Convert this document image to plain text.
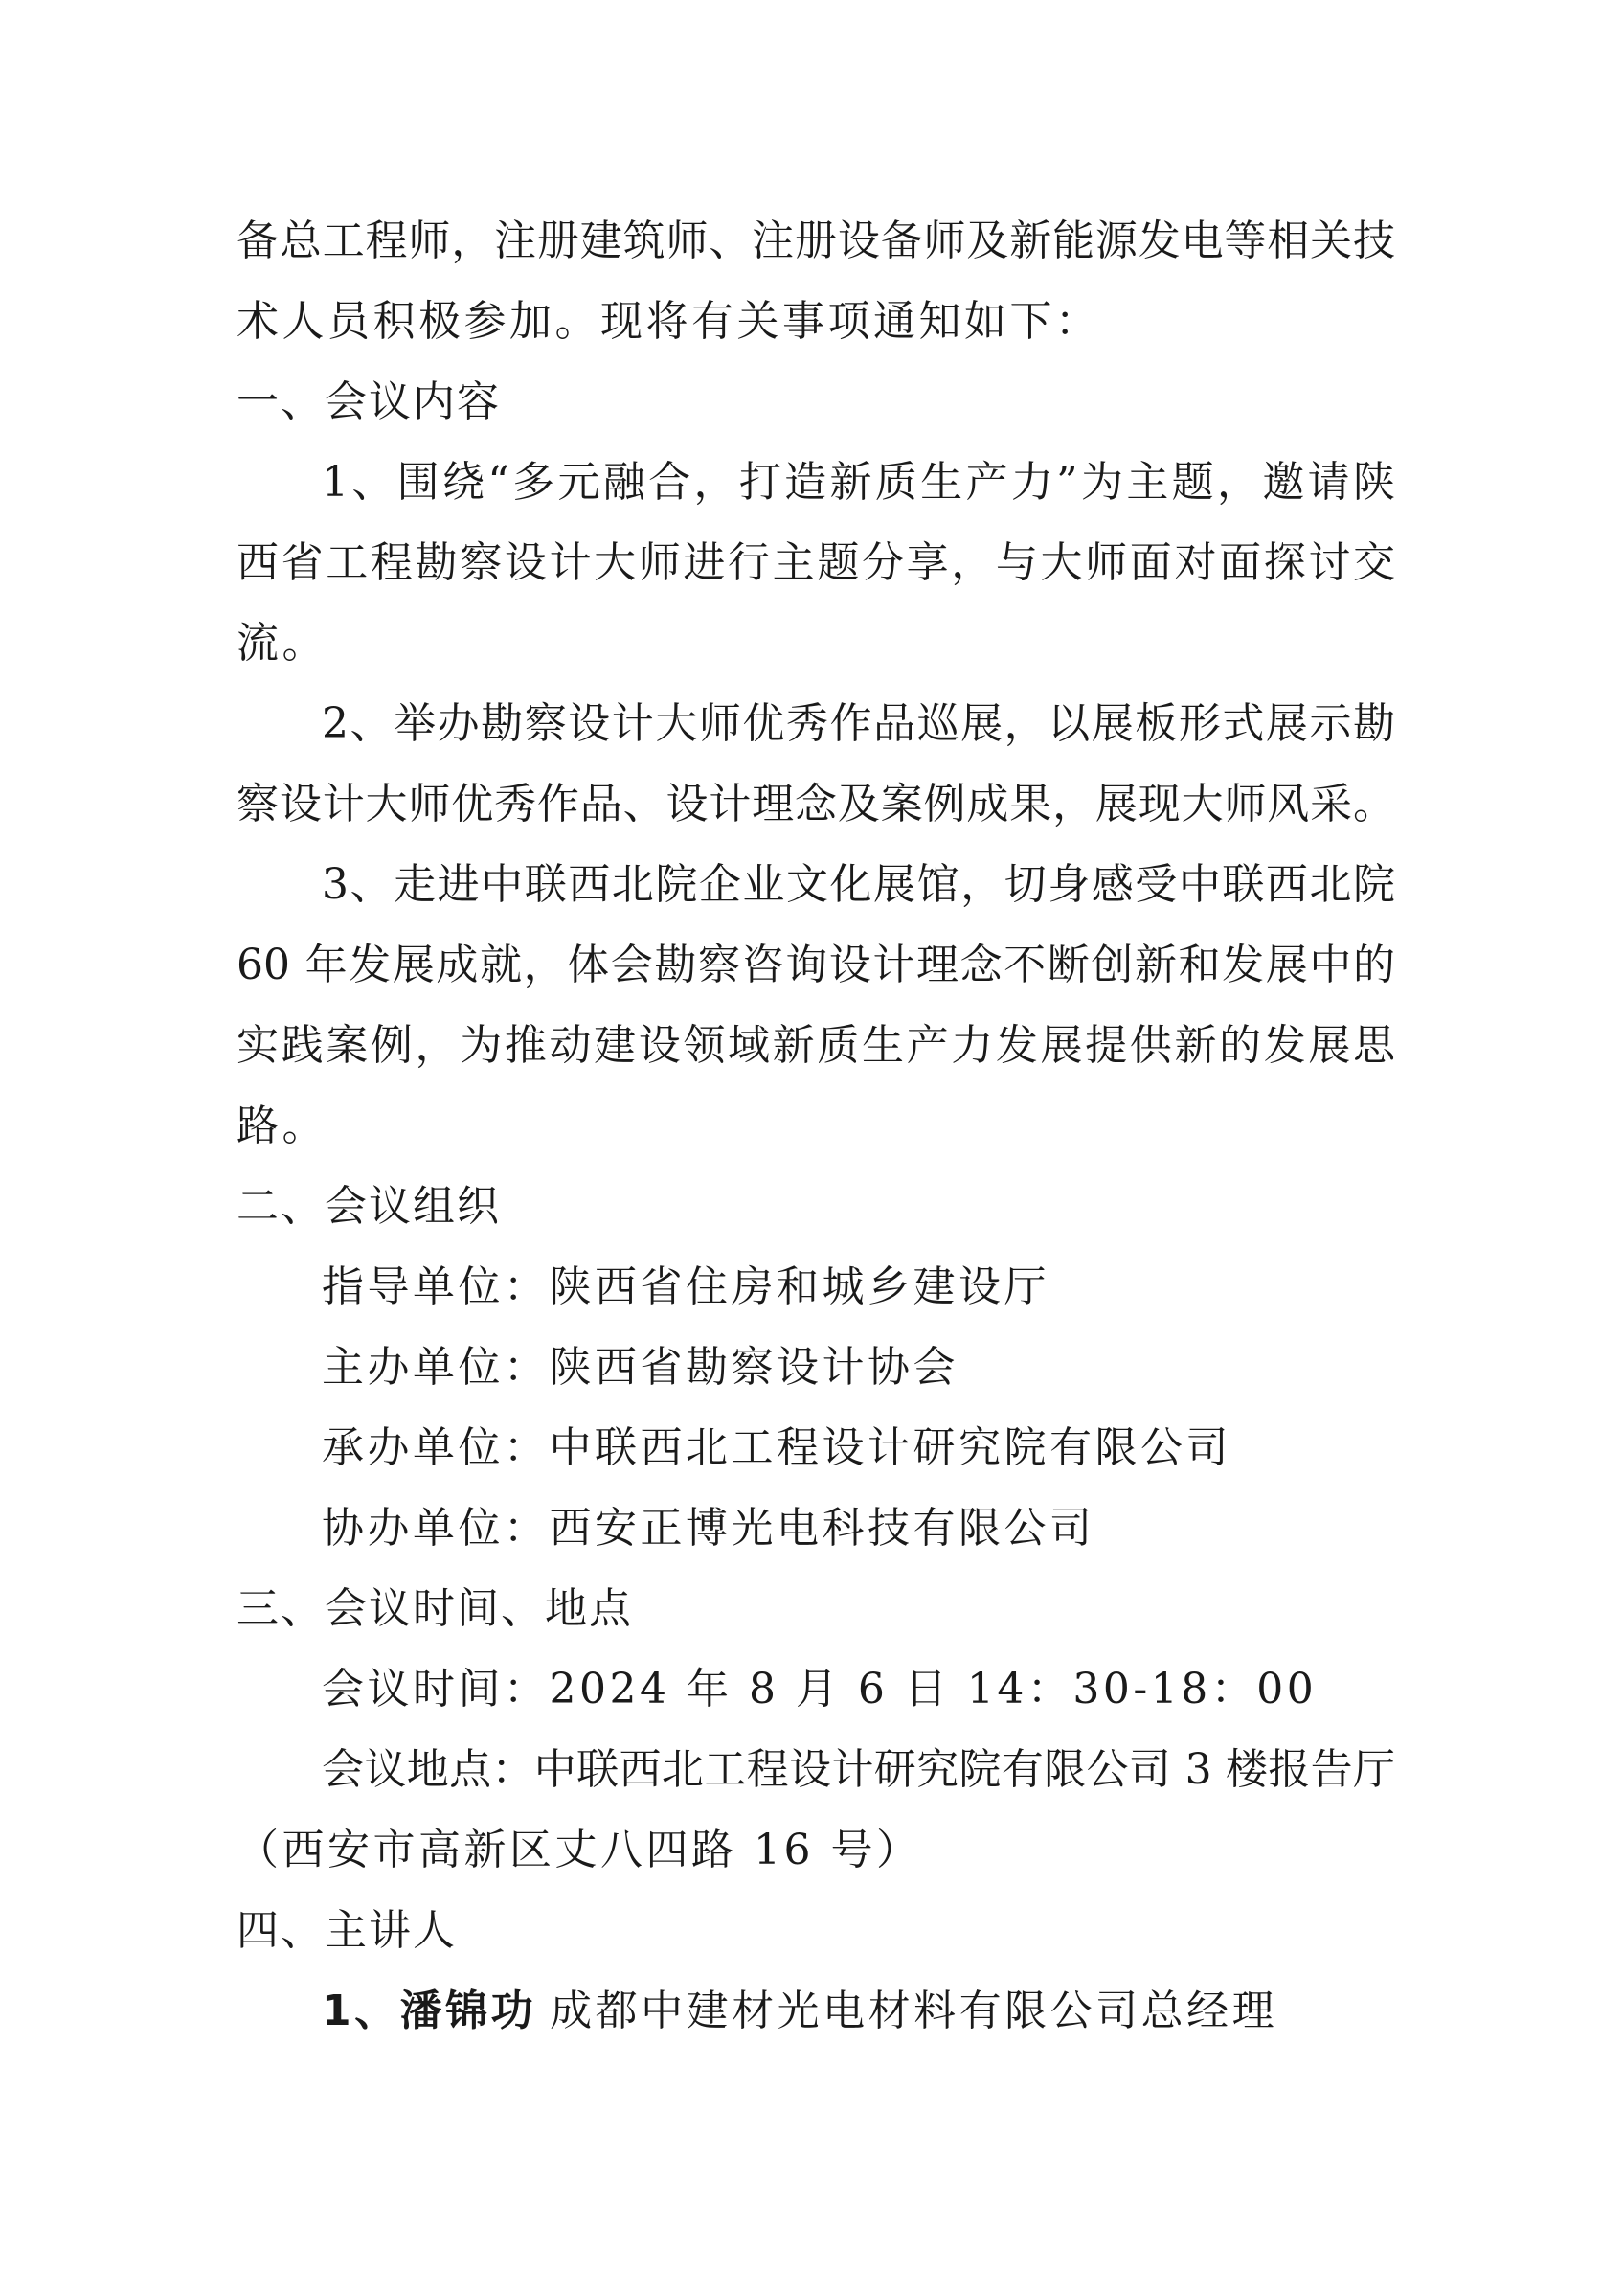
备总工程师，注册建筑师、注册设备师及新能源发电等相关技
术人员积极参加。现将有关事项通知如下：
一、会议内容
1、围绕“多元融合，打造新质生产力”为主题，邀请陕
西省工程勘察设计大师进行主题分享，与大师面对面探讨交
流。
2、举办勘察设计大师优秀作品巡展，以展板形式展示勘
察设计大师优秀作品、设计理念及案例成果，展现大师风采。
3、走进中联西北院企业文化展馆，切身感受中联西北院
60 年发展成就，体会勘察咨询设计理念不断创新和发展中的
实践案例，为推动建设领域新质生产力发展提供新的发展思
路。
二、会议组织
指导单位：陕西省住房和城乡建设厅
主办单位：陕西省勘察设计协会
承办单位：中联西北工程设计研究院有限公司
协办单位：西安正博光电科技有限公司
三、会议时间、地点
会议时间：2024 年 8 月 6 日 14：30-18：00
会议地点：中联西北工程设计研究院有限公司 3 楼报告厅
（西安市高新区丈八四路 16 号）
四、主讲人
1、潘锦功 成都中建材光电材料有限公司总经理
